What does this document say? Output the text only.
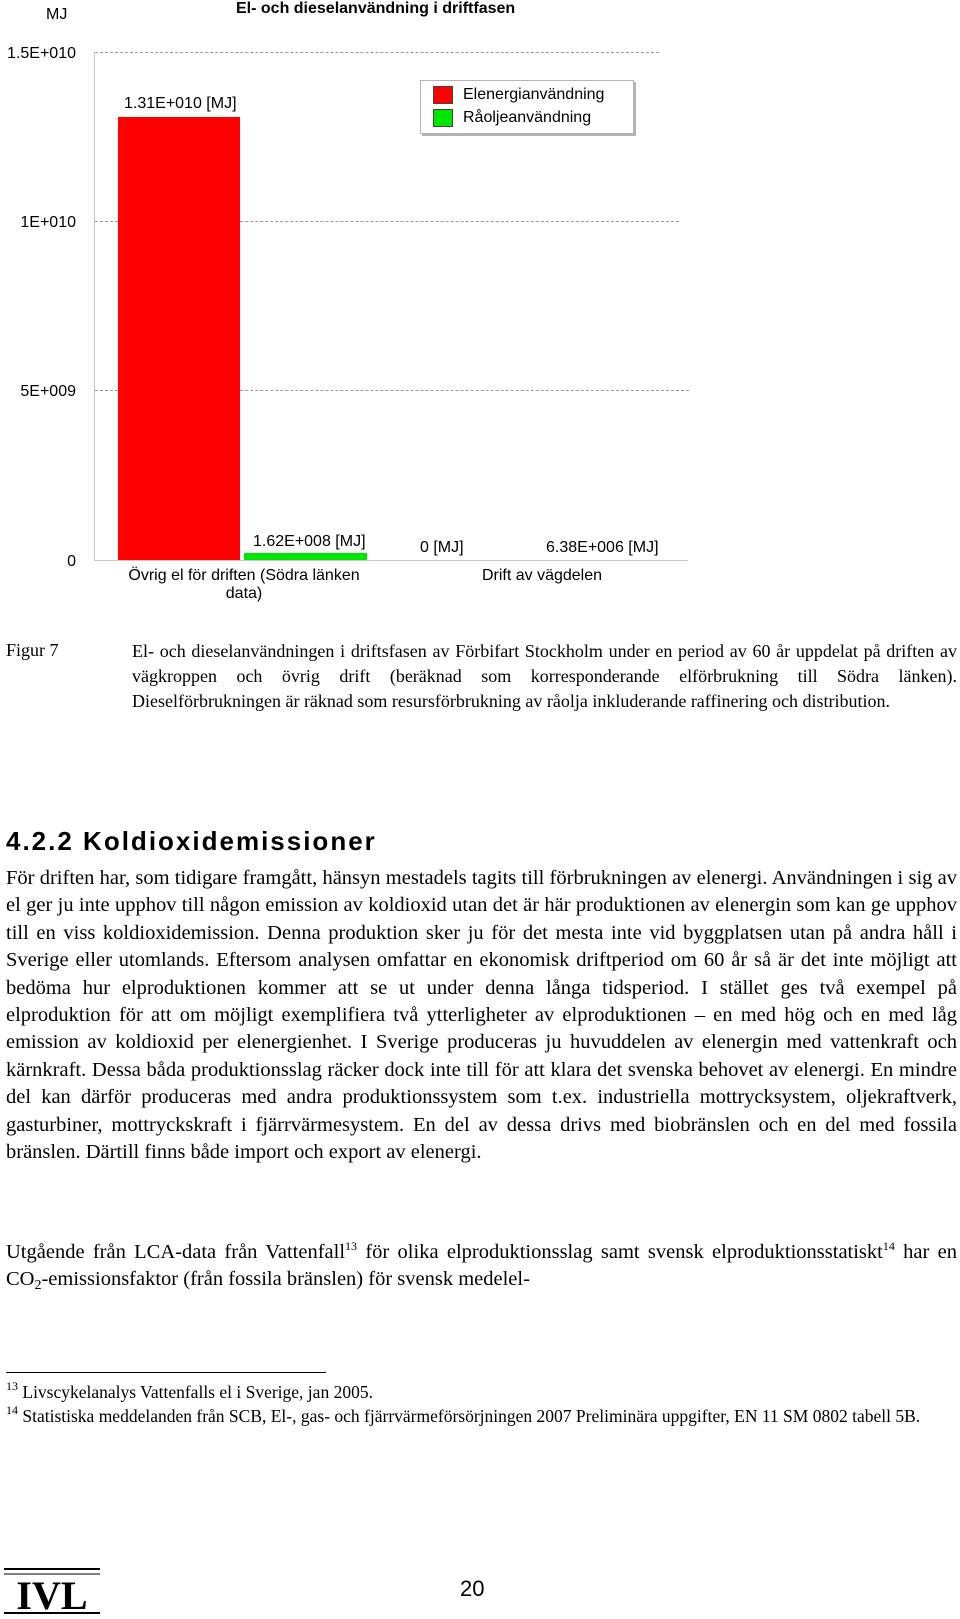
MJ	El- och dieselanvändning i driftfasen
1.5E+010
1E+010
5E+009
0
1.31E+010 [MJ]
1.62E+008 [MJ]	0 [MJ]	6.38E+006 [MJ]
Övrig el för driften (Södra länken data)
Drift av vägdelen
Elenergianvändning
Råoljeanvändning
Figur 7	El- och dieselanvändningen i driftsfasen av Förbifart Stockholm under en period av 60 år uppdelat på driften av vägkroppen och övrig drift (beräknad som korresponderande elförbrukning till Södra länken). Dieselförbrukningen är räknad som resursförbrukning av råolja inkluderande raffinering och distribution.
4.2.2 Koldioxidemissioner
För driften har, som tidigare framgått, hänsyn mestadels tagits till förbrukningen av elenergi. Användningen i sig av el ger ju inte upphov till någon emission av koldioxid utan det är här produktionen av elenergin som kan ge upphov till en viss koldioxidemission. Denna produktion sker ju för det mesta inte vid byggplatsen utan på andra håll i Sverige eller utomlands. Eftersom analysen omfattar en ekonomisk driftperiod om 60 år så är det inte möjligt att bedöma hur elproduktionen kommer att se ut under denna långa tidsperiod. I stället ges två exempel på elproduktion för att om möjligt exemplifiera två ytterligheter av elproduktionen – en med hög och en med låg emission av koldioxid per elenergienhet. I Sverige produceras ju huvuddelen av elenergin med vattenkraft och kärnkraft. Dessa båda produktionsslag räcker dock inte till för att klara det svenska behovet av elenergi. En mindre del kan därför produceras med andra produktionssystem som t.ex. industriella mottrycksystem, oljekraftverk, gasturbiner, mottryckskraft i fjärrvärmesystem. En del av dessa drivs med biobränslen och en del med fossila bränslen. Därtill finns både import och export av elenergi.
Utgående från LCA-data från Vattenfall$^{13}$ för olika elproduktionsslag samt svensk elproduktionsstatiskt$^{14}$ har en $CO_2$-emissionsfaktor (från fossila bränslen) för svensk medelel-
$^{13}$ Livscykelanalys Vattenfalls el i Sverige, jan 2005.
$^{14}$ Statistiska meddelanden från SCB, El-, gas- och fjärrvärmeförsörjningen 2007 Preliminära uppgifter, EN 11 SM 0802 tabell 5B.
IVL	20
